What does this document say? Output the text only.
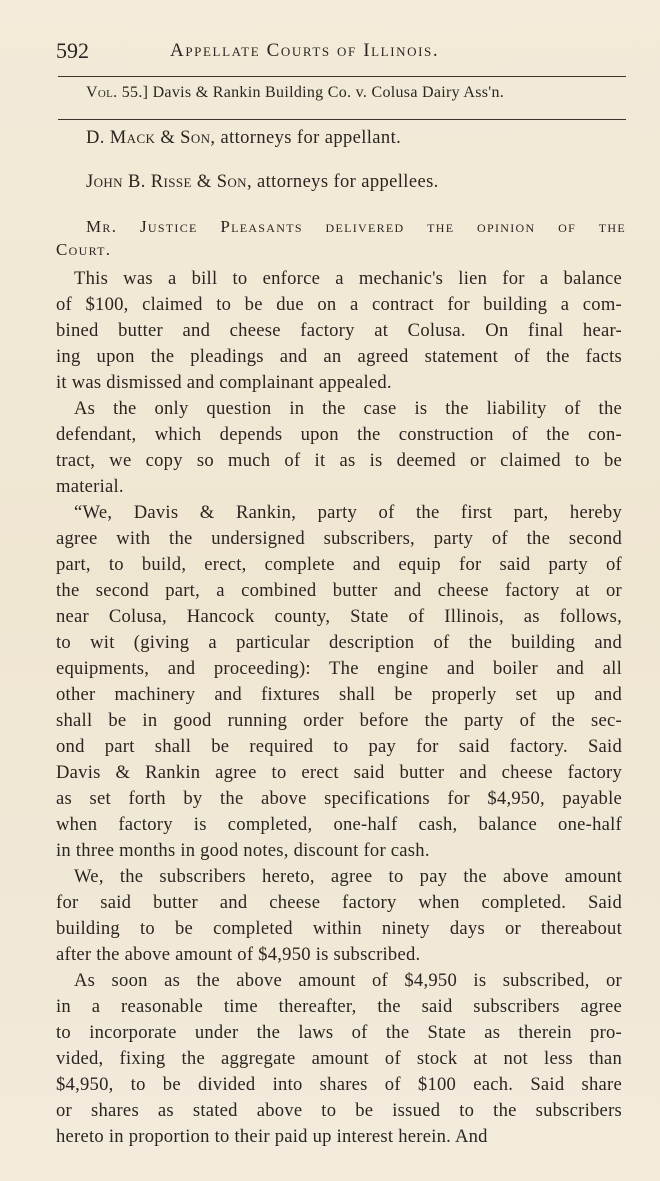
592	Appellate Courts of Illinois.
Vol. 55.] Davis & Rankin Building Co. v. Colusa Dairy Ass'n.
D. Mack & Son, attorneys for appellant.
John B. Risse & Son, attorneys for appellees.
Mr. Justice Pleasants delivered the opinion of the
Court.
This was a bill to enforce a mechanic's lien for a balance
of $100, claimed to be due on a contract for building a com-
bined butter and cheese factory at Colusa. On final hear-
ing upon the pleadings and an agreed statement of the facts
it was dismissed and complainant appealed.
As the only question in the case is the liability of the
defendant, which depends upon the construction of the con-
tract, we copy so much of it as is deemed or claimed to be
material.
“We, Davis & Rankin, party of the first part, hereby
agree with the undersigned subscribers, party of the second
part, to build, erect, complete and equip for said party of
the second part, a combined butter and cheese factory at or
near Colusa, Hancock county, State of Illinois, as follows,
to wit (giving a particular description of the building and
equipments, and proceeding): The engine and boiler and all
other machinery and fixtures shall be properly set up and
shall be in good running order before the party of the sec-
ond part shall be required to pay for said factory. Said
Davis & Rankin agree to erect said butter and cheese factory
as set forth by the above specifications for $4,950, payable
when factory is completed, one-half cash, balance one-half
in three months in good notes, discount for cash.
We, the subscribers hereto, agree to pay the above amount
for said butter and cheese factory when completed. Said
building to be completed within ninety days or thereabout
after the above amount of $4,950 is subscribed.
As soon as the above amount of $4,950 is subscribed, or
in a reasonable time thereafter, the said subscribers agree
to incorporate under the laws of the State as therein pro-
vided, fixing the aggregate amount of stock at not less than
$4,950, to be divided into shares of $100 each. Said share
or shares as stated above to be issued to the subscribers
hereto in proportion to their paid up interest herein. And
